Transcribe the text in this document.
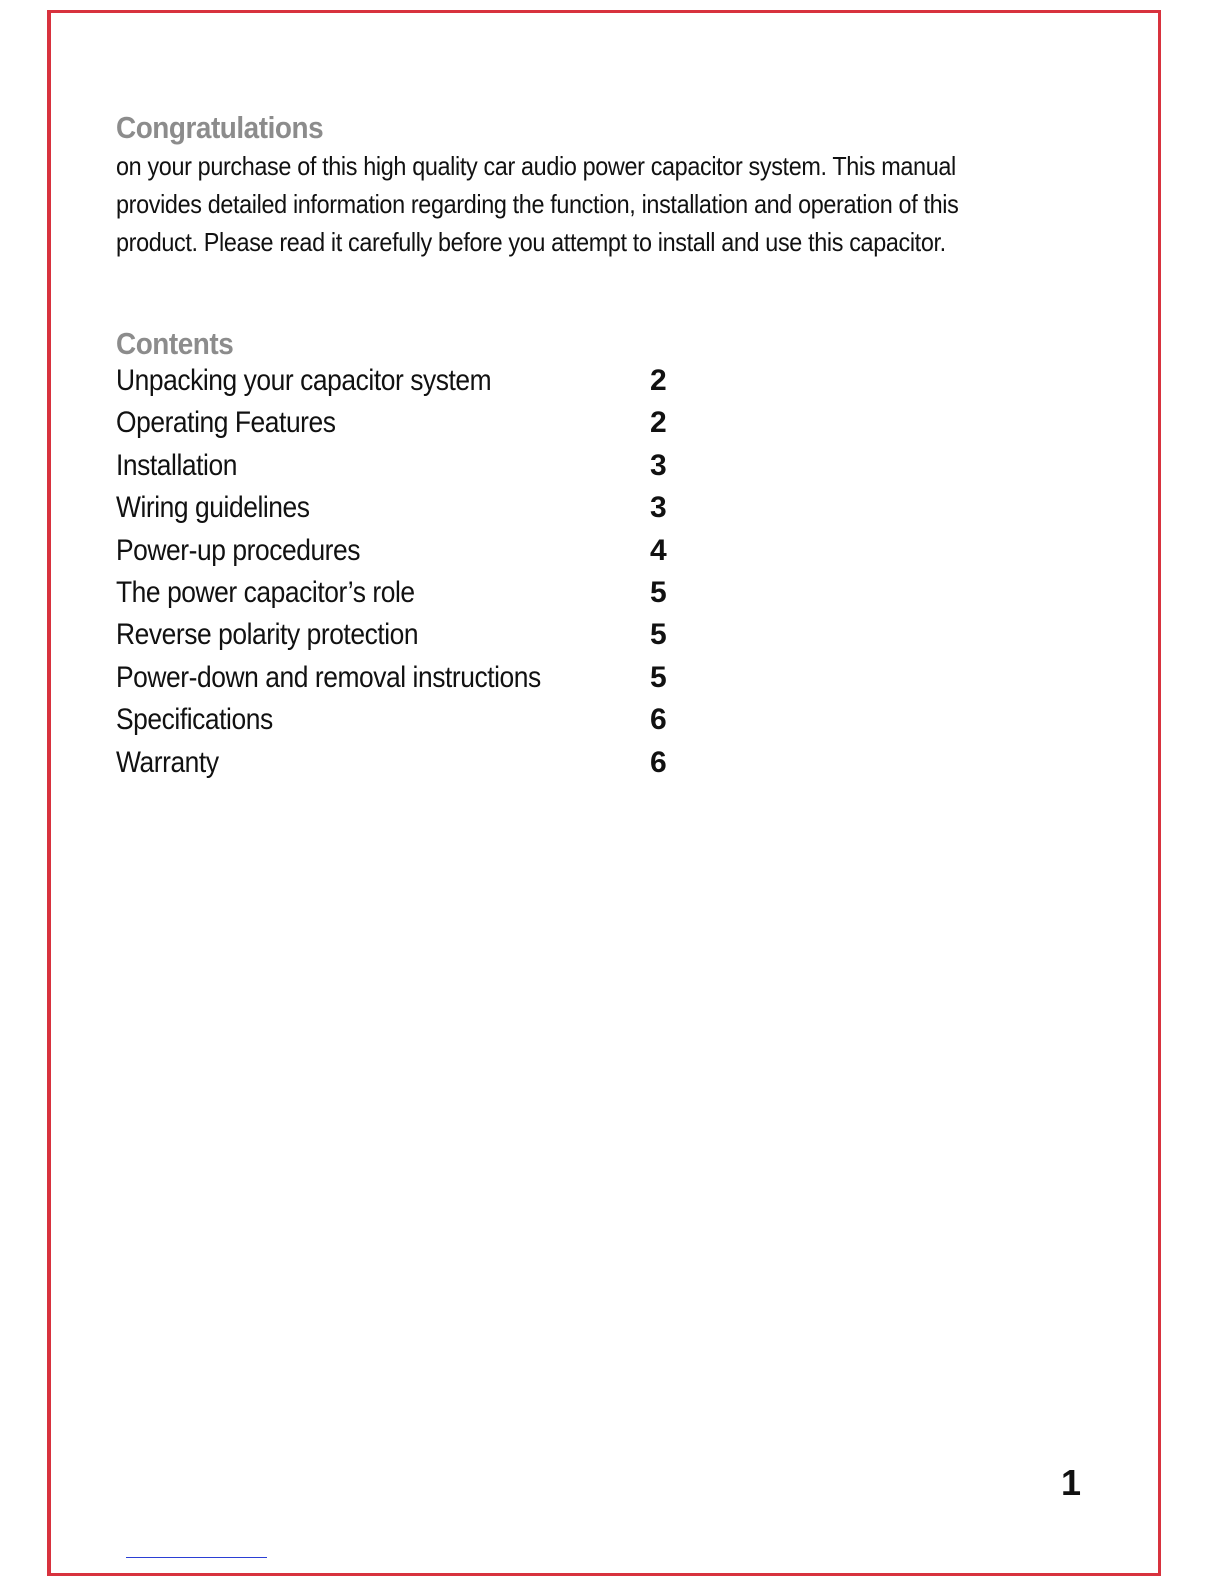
Congratulations
on your purchase of this high quality car audio power capacitor system. This manual
provides detailed information regarding the function, installation and operation of this
product. Please read it carefully before you attempt to install and use this capacitor.
Contents
Unpacking your capacitor system	2
Operating Features	2
Installation	3
Wiring guidelines	3
Power-up procedures	4
The power capacitor’s role	5
Reverse polarity protection	5
Power-down and removal instructions	5
Specifications	6
Warranty	6
1
